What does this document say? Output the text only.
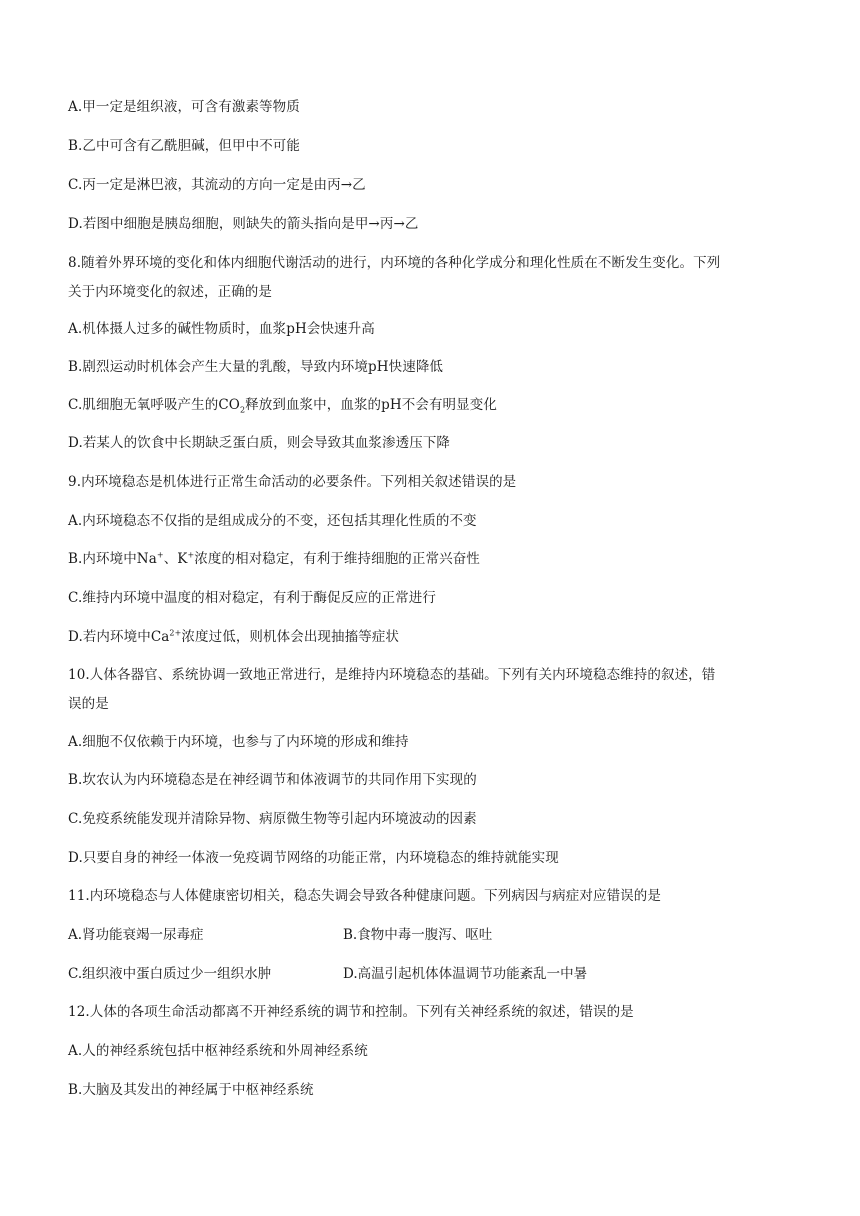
A.甲一定是组织液，可含有激素等物质
B.乙中可含有乙酰胆碱，但甲中不可能
C.丙一定是淋巴液，其流动的方向一定是由丙→乙
D.若图中细胞是胰岛细胞，则缺失的箭头指向是甲→丙→乙
8.随着外界环境的变化和体内细胞代谢活动的进行，内环境的各种化学成分和理化性质在不断发生变化。下列
关于内环境变化的叙述，正确的是
A.机体摄人过多的碱性物质时，血浆pH会快速升高
B.剧烈运动时机体会产生大量的乳酸，导致内环境pH快速降低
C.肌细胞无氧呼吸产生的$CO_2$释放到血浆中，血浆的pH不会有明显变化
D.若某人的饮食中长期缺乏蛋白质，则会导致其血浆渗透压下降
9.内环境稳态是机体进行正常生命活动的必要条件。下列相关叙述错误的是
A.内环境稳态不仅指的是组成成分的不变，还包括其理化性质的不变
B.内环境中Na+、K+浓度的相对稳定，有利于维持细胞的正常兴奋性
C.维持内环境中温度的相对稳定，有利于酶促反应的正常进行
D.若内环境中$Ca^{2+}$浓度过低，则机体会出现抽搐等症状
10.人体各器官、系统协调一致地正常进行，是维持内环境稳态的基础。下列有关内环境稳态维持的叙述，错
误的是
A.细胞不仅依赖于内环境，也参与了内环境的形成和维持
B.坎农认为内环境稳态是在神经调节和体液调节的共同作用下实现的
C.免疫系统能发现并清除异物、病原微生物等引起内环境波动的因素
D.只要自身的神经一体液一免疫调节网络的功能正常，内环境稳态的维持就能实现
11.内环境稳态与人体健康密切相关，稳态失调会导致各种健康问题。下列病因与病症对应错误的是
A.肾功能衰竭一尿毒症	B.食物中毒一腹泻、呕吐
C.组织液中蛋白质过少一组织水肿	D.高温引起机体体温调节功能紊乱一中暑
12.人体的各项生命活动都离不开神经系统的调节和控制。下列有关神经系统的叙述，错误的是
A.人的神经系统包括中枢神经系统和外周神经系统
B.大脑及其发出的神经属于中枢神经系统
